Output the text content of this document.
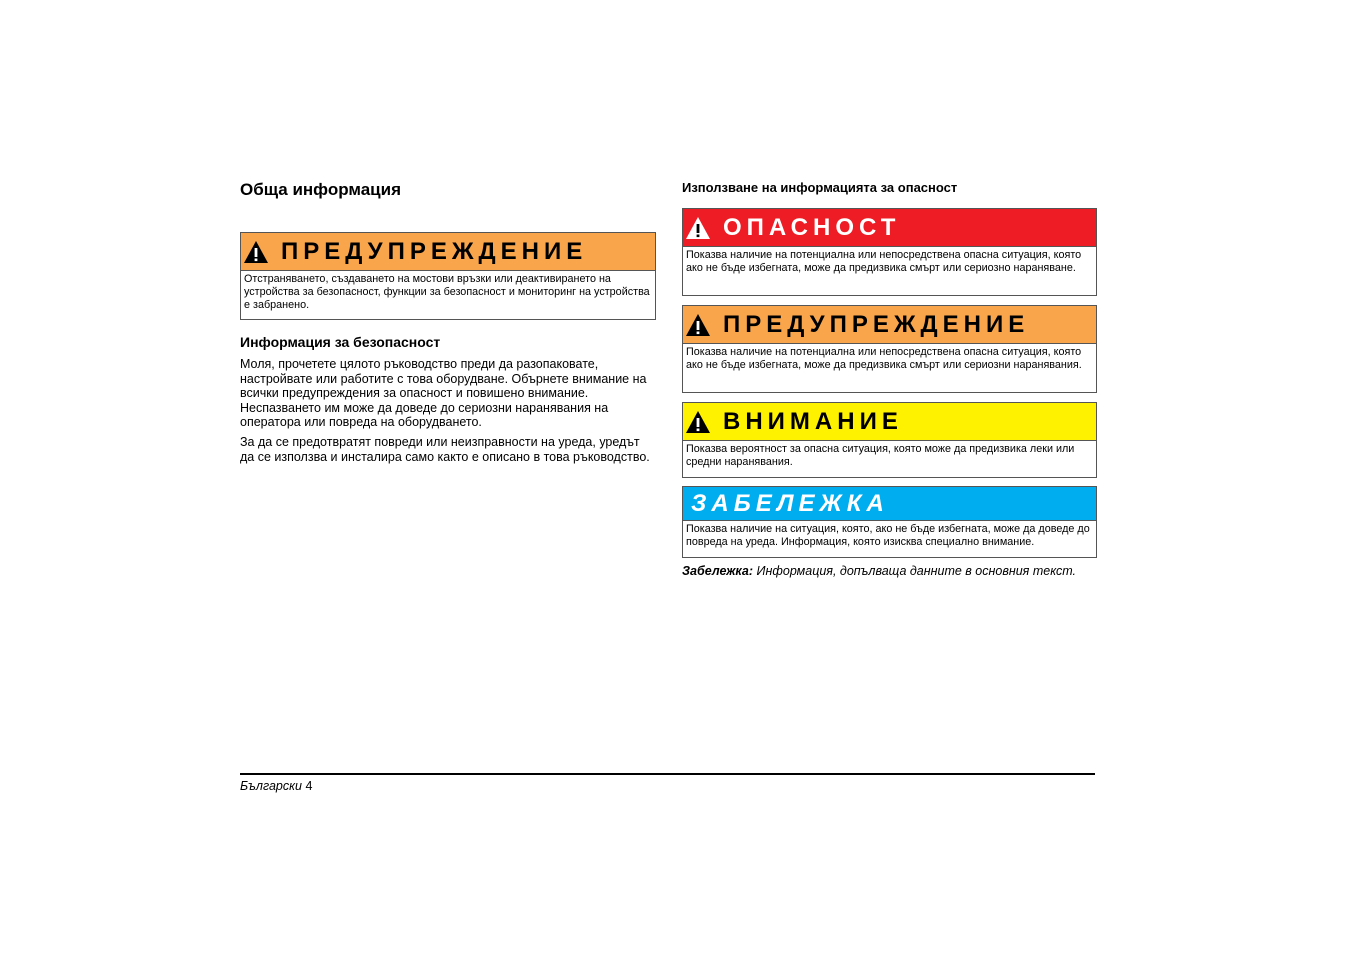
Обща информация
ПРЕДУПРЕЖДЕНИЕ
Отстраняването, създаването на мостови връзки или деактивирането на устройства за безопасност, функции за безопасност и мониторинг на устройства е забранено.
Информация за безопасност
Моля, прочетете цялото ръководство преди да разопаковате, настройвате или работите с това оборудване. Обърнете внимание на всички предупреждения за опасност и повишено внимание. Неспазването им може да доведе до сериозни наранявания на оператора или повреда на оборудването.
За да се предотвратят повреди или неизправности на уреда, уредът да се използва и инсталира само както е описано в това ръководство.
Използване на информацията за опасност
ОПАСНОСТ
Показва наличие на потенциална или непосредствена опасна ситуация, която ако не бъде избегната, може да предизвика смърт или сериозно нараняване.
ПРЕДУПРЕЖДЕНИЕ
Показва наличие на потенциална или непосредствена опасна ситуация, която ако не бъде избегната, може да предизвика смърт или сериозни наранявания.
ВНИМАНИЕ
Показва вероятност за опасна ситуация, която може да предизвика леки или средни наранявания.
ЗАБЕЛЕЖКА
Показва наличие на ситуация, която, ако не бъде избегната, може да доведе до повреда на уреда. Информация, която изисква специално внимание.
Забележка: Информация, допълваща данните в основния текст.
Български 4
